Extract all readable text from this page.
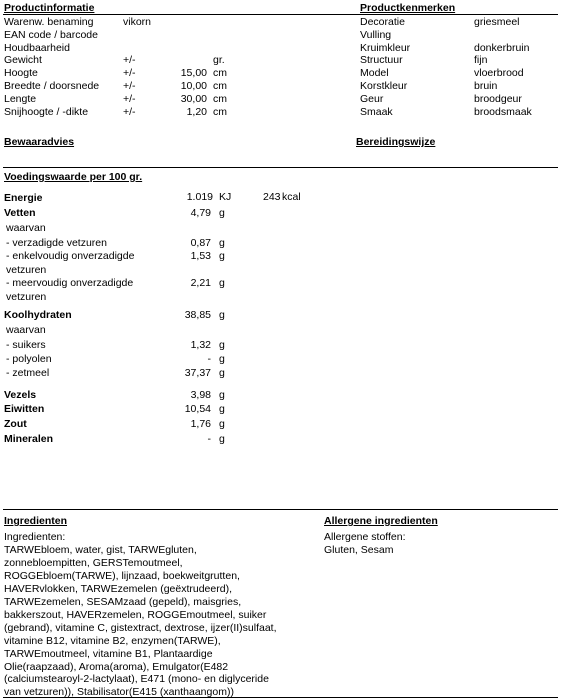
Productinformatie
Warenw. benaming	vikorn
EAN code / barcode
Houdbaarheid
Gewicht	+/-	gr.
Hoogte	+/-	15,00 cm
Breedte / doorsnede +/-	10,00 cm
Lengte	+/-	30,00 cm
Snijhoogte / -dikte	+/-	1,20 cm
Productkenmerken
Decoratie	griesmeel
Vulling
Kruimkleur	donkerbruin
Structuur	fijn
Model	vloerbrood
Korstkleur	bruin
Geur	broodgeur
Smaak	broodsmaak
Bewaaradvies	Bereidingswijze
Voedingswaarde per 100 gr.
Energie	1.019 KJ	243 kcal
Vetten	4,79 g
waarvan
- verzadigde vetzuren	0,87 g
- enkelvoudig onverzadigde
vetzuren
1,53 g
- meervoudig onverzadigde
vetzuren
2,21 g
Koolhydraten	38,85 g
waarvan
- suikers	1,32 g
- polyolen	- g
- zetmeel	37,37 g
Vezels	3,98 g
Eiwitten	10,54 g
Zout	1,76 g
Mineralen	- g
Ingredienten
Ingredienten:
TARWEbloem, water, gist, TARWEgluten,
zonnebloempitten, GERSTemoutmeel,
ROGGEbloem(TARWE), lijnzaad, boekweitgrutten,
HAVERvlokken, TARWEzemelen (geëxtrudeerd),
TARWEzemelen, SESAMzaad (gepeld), maisgries,
bakkerszout, HAVERzemelen, ROGGEmoutmeel, suiker
(gebrand), vitamine C, gistextract, dextrose, ijzer(II)sulfaat,
vitamine B12, vitamine B2, enzymen(TARWE),
TARWEmoutmeel, vitamine B1, Plantaardige
Olie(raapzaad), Aroma(aroma), Emulgator(E482
(calciumstearoyl-2-lactylaat), E471 (mono- en diglyceride
van vetzuren)), Stabilisator(E415 (xanthaangom))
Allergene ingredienten
Allergene stoffen:
Gluten, Sesam
